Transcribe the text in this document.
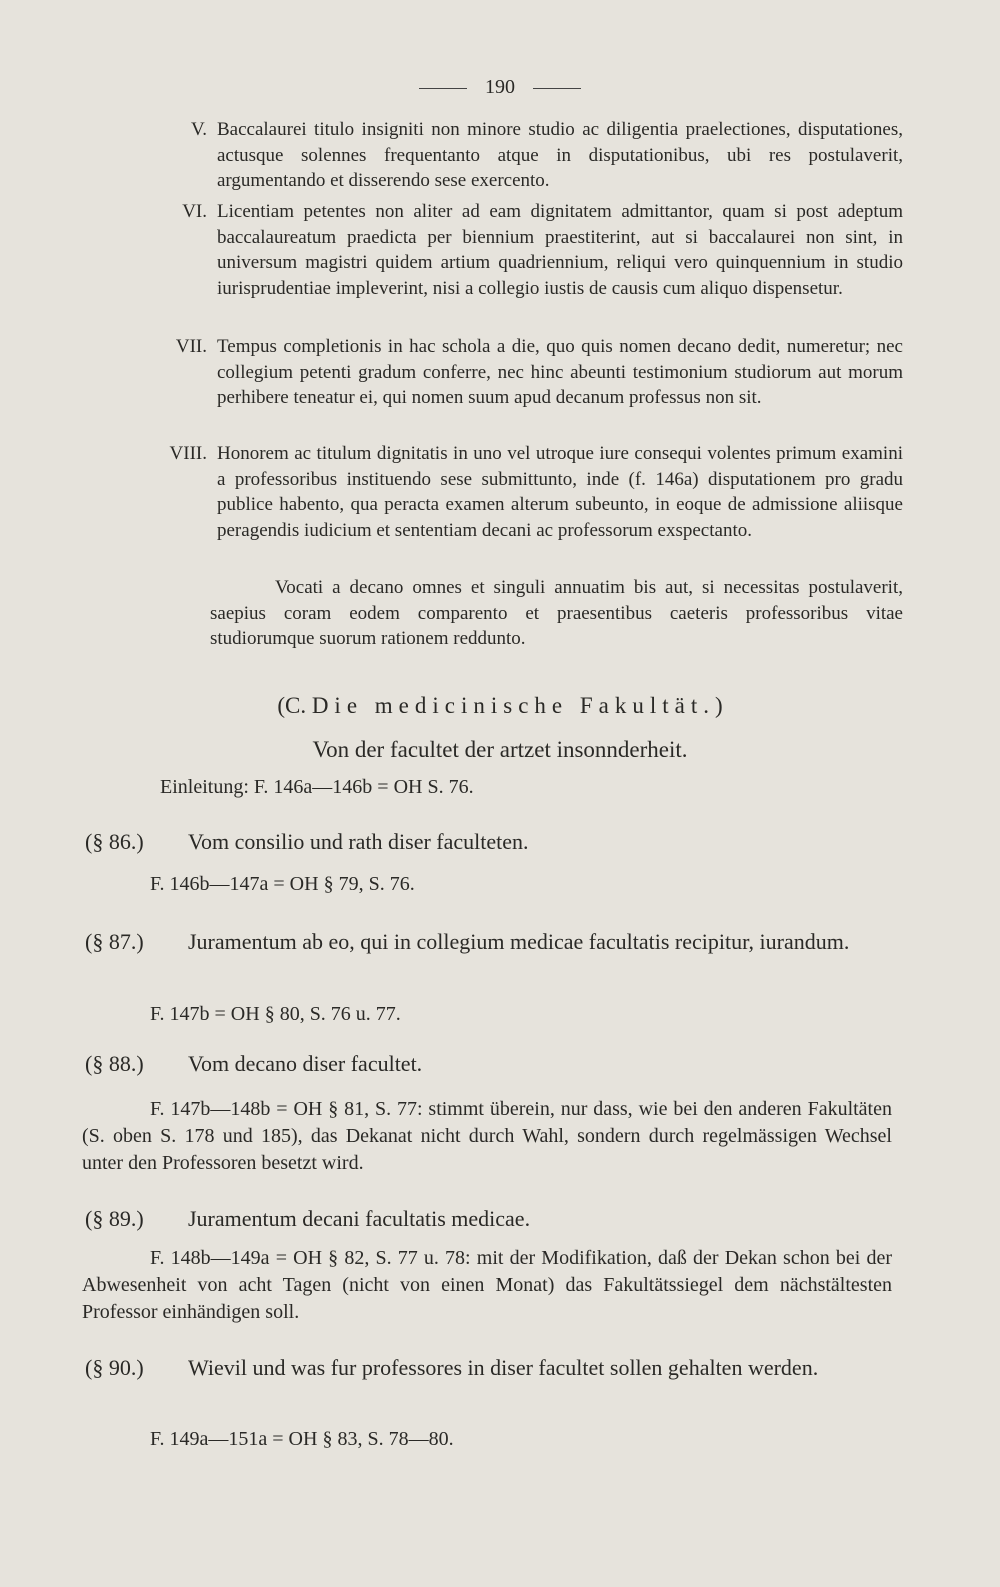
190
V. Baccalaurei titulo insigniti non minore studio ac diligentia praelectiones, disputationes, actusque solennes frequentanto atque in disputationibus, ubi res postulaverit, argumentando et disserendo sese exercento.
VI. Licentiam petentes non aliter ad eam dignitatem admittantor, quam si post adeptum baccalaureatum praedicta per biennium praestiterint, aut si baccalaurei non sint, in universum magistri quidem artium quadriennium, reliqui vero quinquennium in studio iurisprudentiae impleverint, nisi a collegio iustis de causis cum aliquo dispensetur.
VII. Tempus completionis in hac schola a die, quo quis nomen decano dedit, numeretur; nec collegium petenti gradum conferre, nec hinc abeunti testimonium studiorum aut morum perhibere teneatur ei, qui nomen suum apud decanum professus non sit.
VIII. Honorem ac titulum dignitatis in uno vel utroque iure consequi volentes primum examini a professoribus instituendo sese submittunto, inde (f. 146a) disputationem pro gradu publice habento, qua peracta examen alterum subeunto, in eoque de admissione aliisque peragendis iudicium et sententiam decani ac professorum exspectanto.
Vocati a decano omnes et singuli annuatim bis aut, si necessitas postulaverit, saepius coram eodem comparento et praesentibus caeteris professoribus vitae studiorumque suorum rationem reddunto.
(C. Die medicinische Fakultät.)
Von der facultet der artzet insonnderheit.
Einleitung: F. 146a—146b = OH S. 76.
(§ 86.)	Vom consilio und rath diser faculteten.
F. 146b—147a = OH § 79, S. 76.
(§ 87.)	Juramentum ab eo, qui in collegium medicae facultatis recipitur, iurandum.
F. 147b = OH § 80, S. 76 u. 77.
(§ 88.)	Vom decano diser facultet.
F. 147b—148b = OH § 81, S. 77: stimmt überein, nur dass, wie bei den anderen Fakultäten (S. oben S. 178 und 185), das Dekanat nicht durch Wahl, sondern durch regelmässigen Wechsel unter den Professoren besetzt wird.
(§ 89.)	Juramentum decani facultatis medicae.
F. 148b—149a = OH § 82, S. 77 u. 78: mit der Modifikation, daß der Dekan schon bei der Abwesenheit von acht Tagen (nicht von einen Monat) das Fakultätssiegel dem nächstältesten Professor einhändigen soll.
(§ 90.)	Wievil und was fur professores in diser facultet sollen gehalten werden.
F. 149a—151a = OH § 83, S. 78—80.
